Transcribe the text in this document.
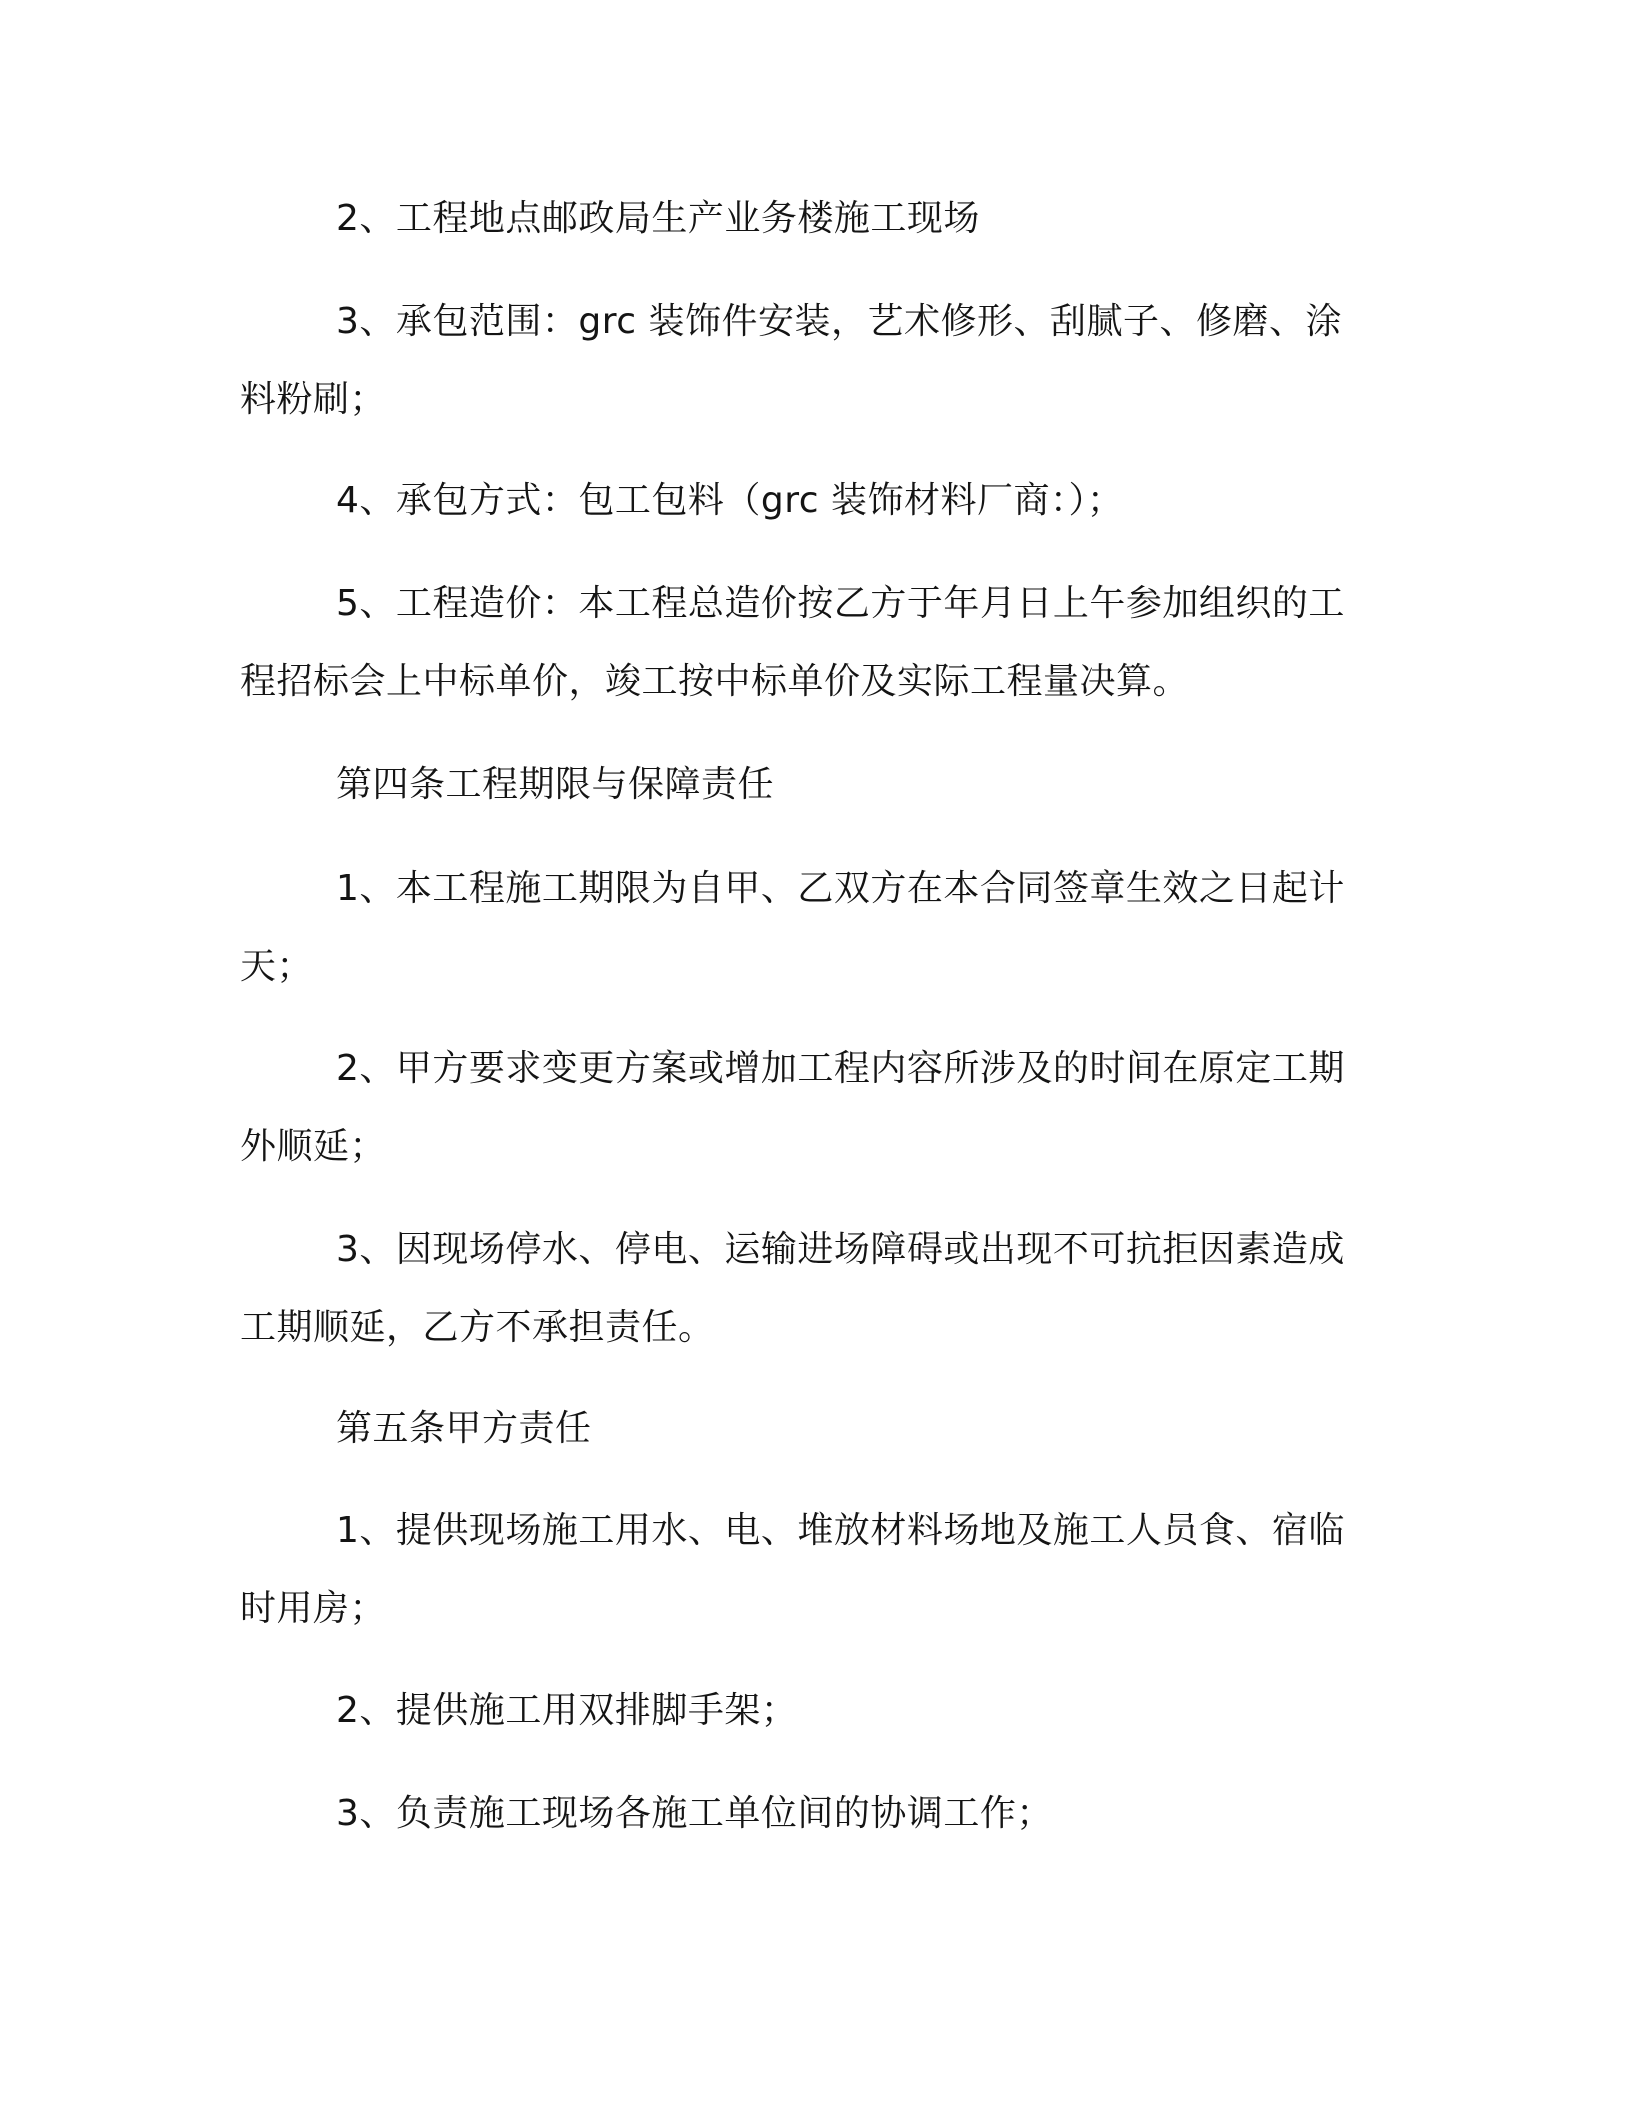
2、工程地点邮政局生产业务楼施工现场

3、承包范围：grc 装饰件安装，艺术修形、刮腻子、修磨、涂料粉刷；

4、承包方式：包工包料（grc 装饰材料厂商：）；

5、工程造价：本工程总造价按乙方于年月日上午参加组织的工程招标会上中标单价，竣工按中标单价及实际工程量决算。

第四条工程期限与保障责任

1、本工程施工期限为自甲、乙双方在本合同签章生效之日起计天；

2、甲方要求变更方案或增加工程内容所涉及的时间在原定工期外顺延；

3、因现场停水、停电、运输进场障碍或出现不可抗拒因素造成工期顺延，乙方不承担责任。

第五条甲方责任

1、提供现场施工用水、电、堆放材料场地及施工人员食、宿临时用房；

2、提供施工用双排脚手架；

3、负责施工现场各施工单位间的协调工作；
